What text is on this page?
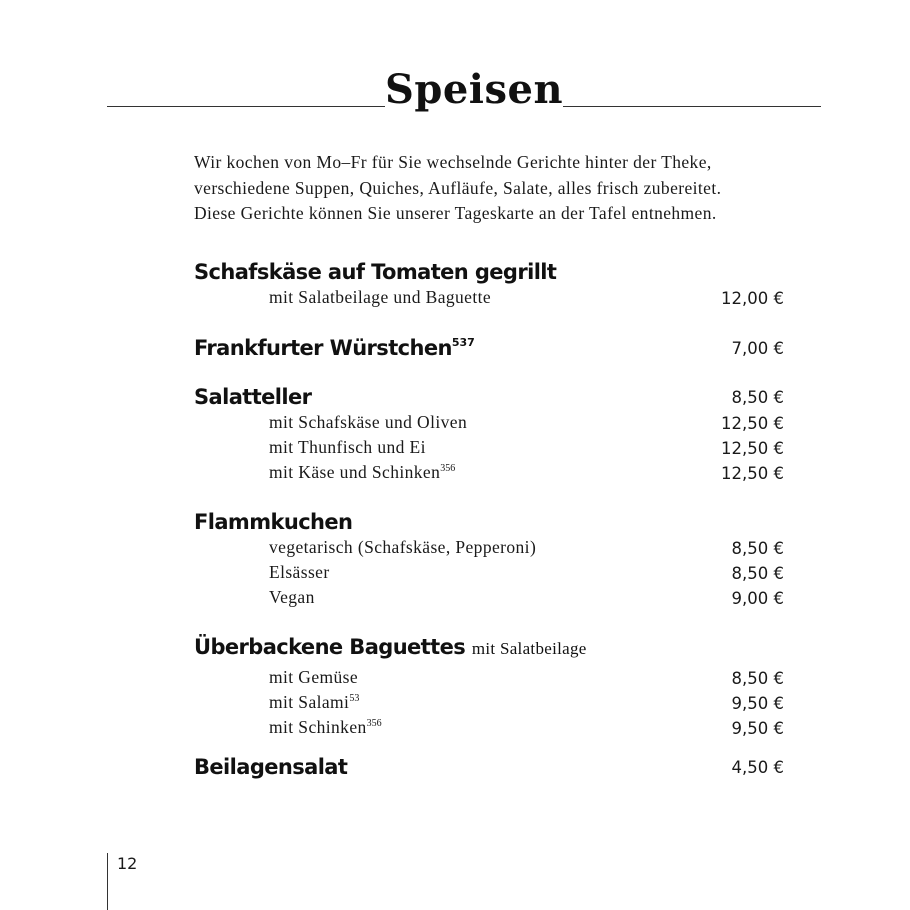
Speisen
Wir kochen von Mo–Fr für Sie wechselnde Gerichte hinter der Theke,
verschiedene Suppen, Quiches, Aufläufe, Salate, alles frisch zubereitet.
Diese Gerichte können Sie unserer Tageskarte an der Tafel entnehmen.
Schafskäse auf Tomaten gegrillt
mit Salatbeilage und Baguette	12,00 €
Frankfurter Würstchen$^{537}$	7,00 €
Salatteller	8,50 €
mit Schafskäse und Oliven	12,50 €
mit Thunfisch und Ei	12,50 €
mit Käse und Schinken$^{356}$	12,50 €
Flammkuchen
vegetarisch (Schafskäse, Pepperoni)	8,50 €
Elsässer	8,50 €
Vegan	9,00 €
Überbackene Baguettes mit Salatbeilage
mit Gemüse	8,50 €
mit Salami$^{53}$	9,50 €
mit Schinken$^{356}$	9,50 €
Beilagensalat	4,50 €
12
